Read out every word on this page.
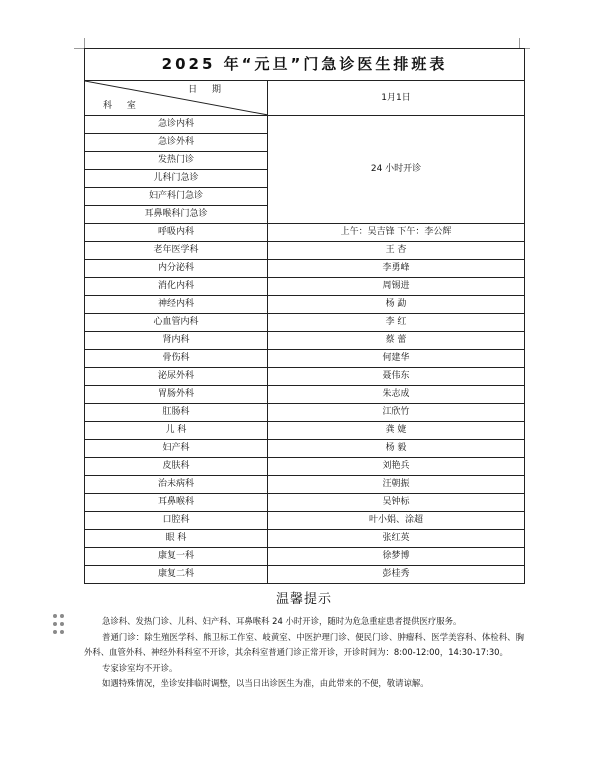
2025 年“元旦”门急诊医生排班表	

日 期
科 室	1月1日
急诊内科	24 小时开诊
急诊外科	
发热门诊	
儿科门急诊	
妇产科门急诊	
耳鼻喉科门急诊	
呼吸内科	上午：吴吉锋 下午：李公辉
老年医学科	王 杏
内分泌科	李勇峰
消化内科	周锡进
神经内科	杨 勐
心血管内科	李 红
肾内科	蔡 蕾
骨伤科	何建华
泌尿外科	聂伟东
胃肠外科	朱志成
肛肠科	江欣竹
儿 科	龚 婕
妇产科	杨 毅
皮肤科	刘艳兵
治未病科	汪朝振
耳鼻喉科	吴钟标
口腔科	叶小娟、涂超
眼 科	张红英
康复一科	徐梦博
康复二科	彭桂秀
温馨提示

急诊科、发热门诊、儿科、妇产科、耳鼻喉科 24 小时开诊，随时为危急重症患者提供医疗服务。

普通门诊：除生殖医学科、熊卫标工作室、岐黄室、中医护理门诊、便民门诊、肿瘤科、医学美容科、体检科、胸外科、血管外科、神经外科科室不开诊，其余科室普通门诊正常开诊，开诊时间为：8:00-12:00，14:30-17:30。

专家诊室均不开诊。

如遇特殊情况，坐诊安排临时调整，以当日出诊医生为准，由此带来的不便，敬请谅解。
